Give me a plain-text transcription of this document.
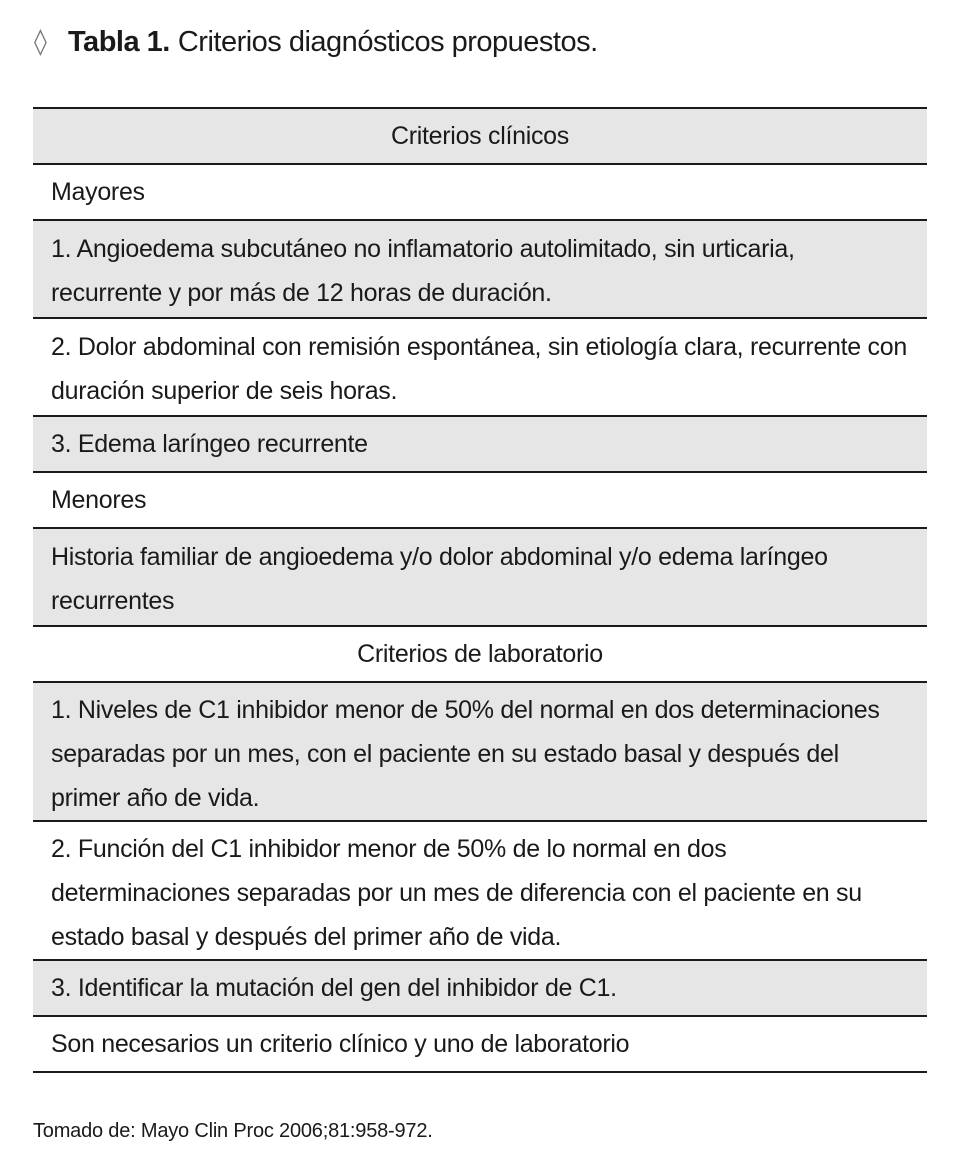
◊ Tabla 1. Criterios diagnósticos propuestos.
Criterios clínicos
Mayores
1. Angioedema subcutáneo no inflamatorio autolimitado, sin urticaria, recurrente y por más de 12 horas de duración.
2. Dolor abdominal con remisión espontánea, sin etiología clara, recurrente con duración superior de seis horas.
3. Edema laríngeo recurrente
Menores
Historia familiar de angioedema y/o dolor abdominal y/o edema laríngeo recurrentes
Criterios de laboratorio
1. Niveles de C1 inhibidor menor de 50% del normal en dos determinaciones separadas por un mes, con el paciente en su estado basal y después del primer año de vida.
2. Función del C1 inhibidor menor de 50% de lo normal en dos determinaciones separadas por un mes de diferencia con el paciente en su estado basal y después del primer año de vida.
3. Identificar la mutación del gen del inhibidor de C1.
Son necesarios un criterio clínico y uno de laboratorio
Tomado de: Mayo Clin Proc 2006;81:958-972.
